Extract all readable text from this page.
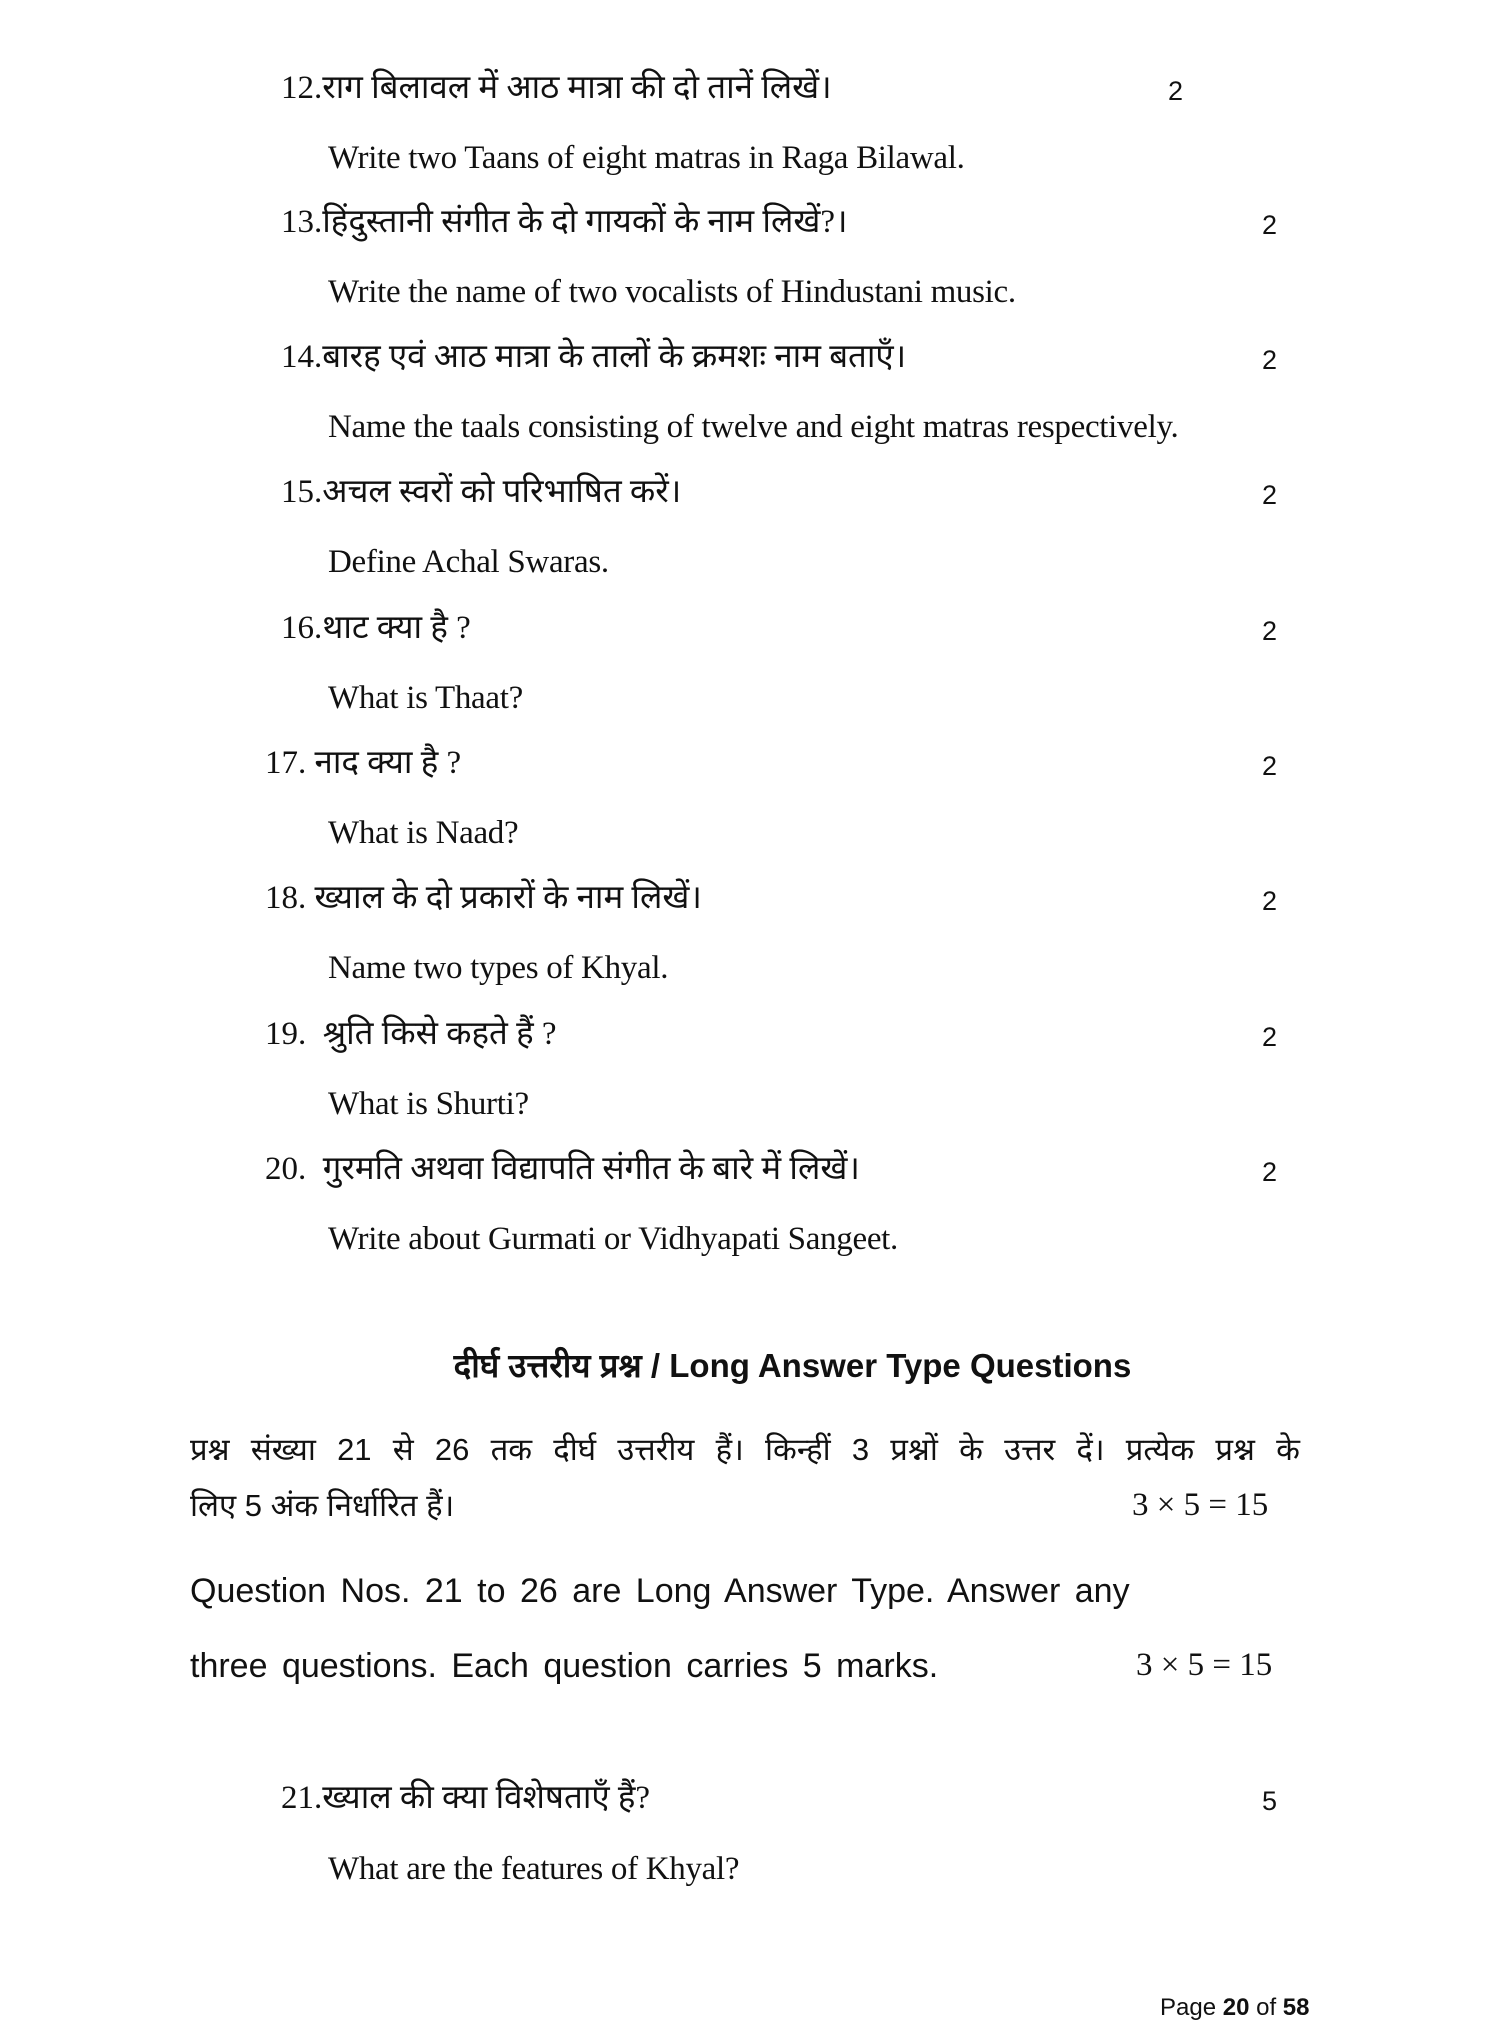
12.राग बिलावल में आठ मात्रा की दो तानें लिखें।	2
Write two Taans of eight matras in Raga Bilawal.
13.हिंदुस्तानी संगीत के दो गायकों के नाम लिखें?।	2
Write the name of two vocalists of Hindustani music.
14.बारह एवं आठ मात्रा के तालों के क्रमशः नाम बताएँ।	2
Name the taals consisting of twelve and eight matras respectively.
15.अचल स्वरों को परिभाषित करें।	2
Define Achal Swaras.
16.थाट क्या है ?	2
What is Thaat?
17. नाद क्या है ?	2
What is Naad?
18. ख्याल के दो प्रकारों के नाम लिखें।	2
Name two types of Khyal.
19. श्रुति किसे कहते हैं ?	2
What is Shurti?
20. गुरमति अथवा विद्यापति संगीत के बारे में लिखें।	2
Write about Gurmati or Vidhyapati Sangeet.
दीर्घ उत्तरीय प्रश्न / Long Answer Type Questions
प्रश्न संख्या 21 से 26 तक दीर्घ उत्तरीय हैं। किन्हीं 3 प्रश्नों के उत्तर दें। प्रत्येक प्रश्न के
लिए 5 अंक निर्धारित हैं।	3 × 5 = 15
Question Nos. 21 to 26 are Long Answer Type. Answer any
three questions. Each question carries 5 marks.	3 × 5 = 15
21.ख्याल की क्या विशेषताएँ हैं?	5
What are the features of Khyal?
Page 20 of 58
